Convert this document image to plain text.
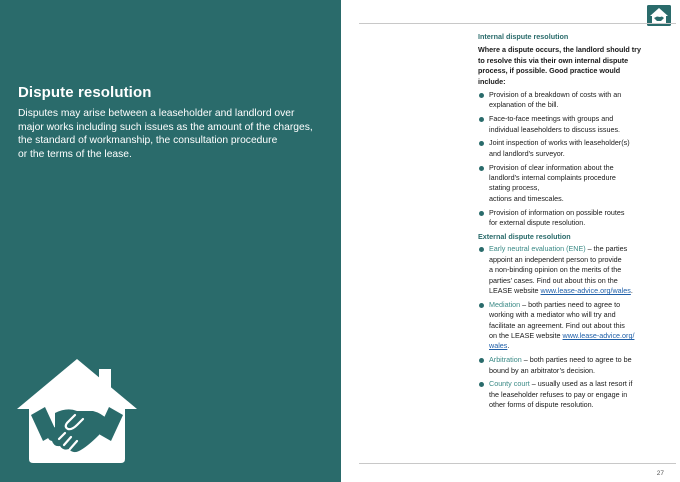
Dispute resolution
Disputes may arise between a leaseholder and landlord over
major works including such issues as the amount of the charges,
the standard of workmanship, the consultation procedure
or the terms of the lease.
Internal dispute resolution
Where a dispute occurs, the landlord should try
to resolve this via their own internal dispute
process, if possible. Good practice would
include:
Provision of a breakdown of costs with an
explanation of the bill.
Face-to-face meetings with groups and
individual leaseholders to discuss issues.
Joint inspection of works with leaseholder(s)
and landlord’s surveyor.
Provision of clear information about the
landlord’s internal complaints procedure
stating process,
actions and timescales.
Provision of information on possible routes
for external dispute resolution.
External dispute resolution
Early neutral evaluation (ENE) – the parties
appoint an independent person to provide
a non-binding opinion on the merits of the
parties’ cases. Find out about this on the
LEASE website www.lease-advice.org/wales.
Mediation – both parties need to agree to
working with a mediator who will try and
facilitate an agreement. Find out about this
on the LEASE website www.lease-advice.org/
wales.
Arbitration – both parties need to agree to be
bound by an arbitrator’s decision.
County court – usually used as a last resort if
the leaseholder refuses to pay or engage in
other forms of dispute resolution.
27
